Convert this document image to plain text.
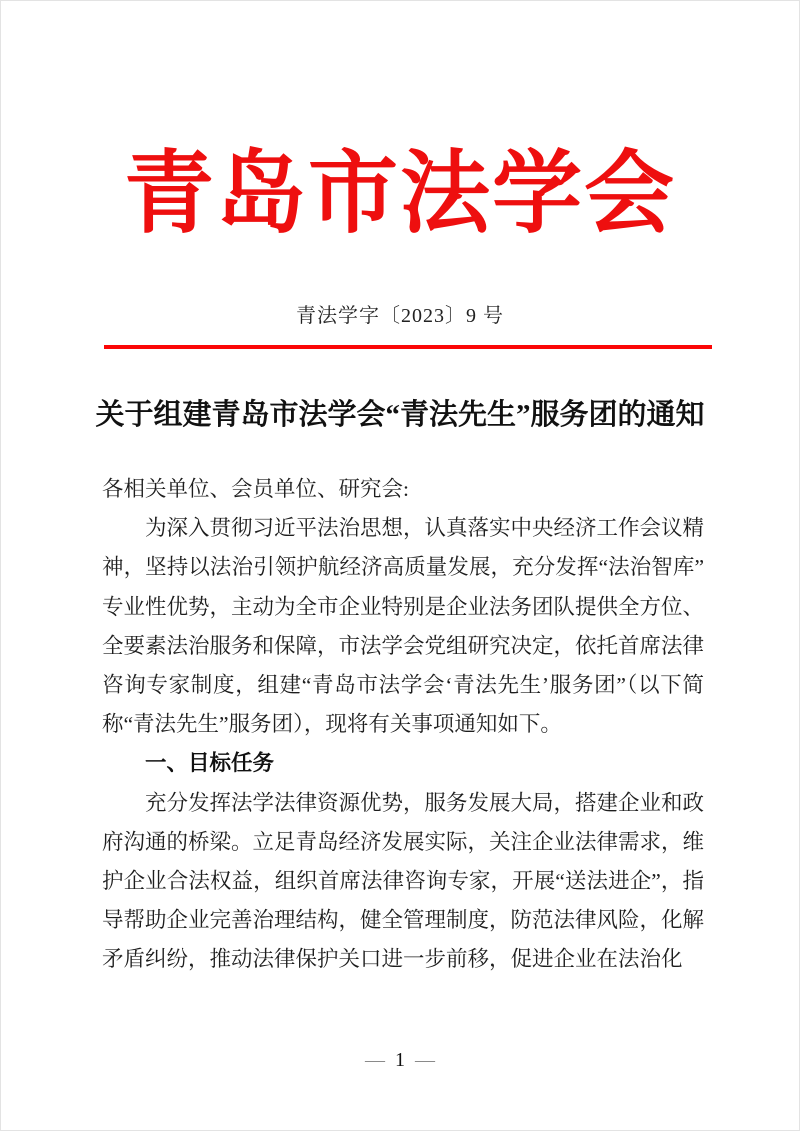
青岛市法学会
青法学字〔2023〕9 号
关于组建青岛市法学会“青法先生”服务团的通知

各相关单位、会员单位、研究会:

为深入贯彻习近平法治思想，认真落实中央经济工作会议精神，坚持以法治引领护航经济高质量发展，充分发挥“法治智库”专业性优势，主动为全市企业特别是企业法务团队提供全方位、全要素法治服务和保障，市法学会党组研究决定，依托首席法律咨询专家制度，组建“青岛市法学会‘青法先生’服务团”（以下简称“青法先生”服务团），现将有关事项通知如下。

一、目标任务

充分发挥法学法律资源优势，服务发展大局，搭建企业和政府沟通的桥梁。立足青岛经济发展实际，关注企业法律需求，维护企业合法权益，组织首席法律咨询专家，开展“送法进企”，指导帮助企业完善治理结构，健全管理制度，防范法律风险，化解矛盾纠纷，推动法律保护关口进一步前移，促进企业在法治化

— 1 —
